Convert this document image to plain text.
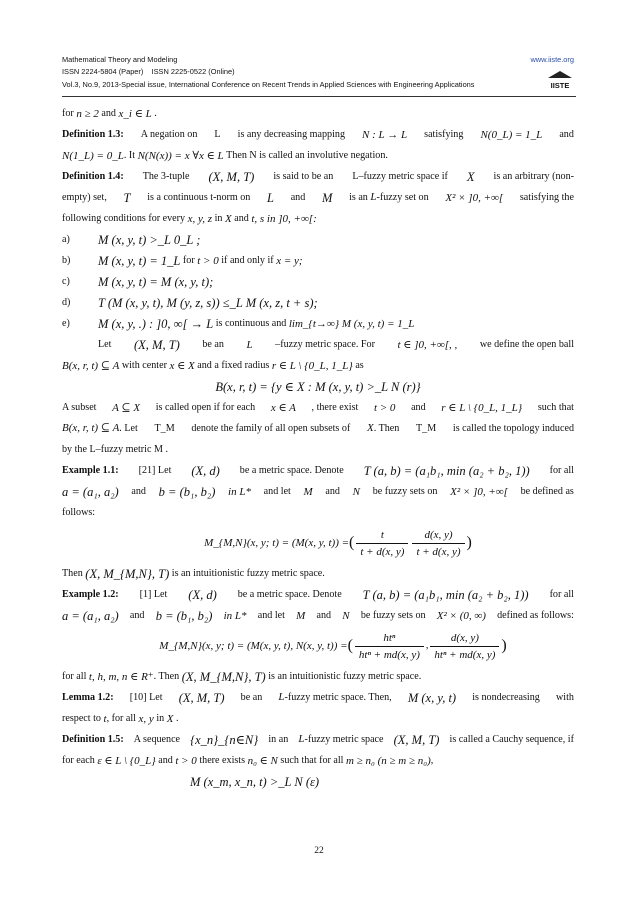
Mathematical Theory and Modeling	www.iiste.org
ISSN 2224-5804 (Paper)    ISSN 2225-0522 (Online)
Vol.3, No.9, 2013-Special issue, International Conference on Recent Trends in Applied Sciences with Engineering Applications	IISTE
for
n ≥ 2
and
x_i ∈ L .
Definition 1.3: A negation on L is any decreasing mapping N : L → L satisfying N(0_L) = 1_L and
N(1_L) = 0_L . It
N(N(x)) = x ∀x ∈ L
Then N is called an involutive negation.
Definition 1.4: The 3-tuple (X, M, T) is said to be an L–fuzzy metric space if X is an arbitrary (non-
empty) set, T is a continuous t-norm on L and M is an L-fuzzy set on X² × ]0, +∞[ satisfying the
following conditions for every
x, y, z
in
X
and
t, s in ]0, +∞[:
a)	M (x, y, t) >_L 0_L ;
b)	M (x, y, t) = 1_L
for
t > 0
if and only if
x = y;
c)	M (x, y, t) = M (x, y, t);
d)	T (M (x, y, t), M (y, z, s)) ≤_L M (x, z, t + s);
e)	M (x, y, .) : ]0, ∞[ → L
is continuous and
lim_{t→∞} M (x, y, t) = 1_L
Let (X, M, T) be an L –fuzzy metric space. For t ∈ ]0, +∞[, , we define the open ball
B(x, r, t) ⊆ A
with center
x ∈ X
and a fixed radius
r ∈ L \ {0_L, 1_L}
as
B(x, r, t) = {y ∈ X : M (x, y, t) >_L N (r)}
A subset A ⊆ X is called open if for each x ∈ A , there exist t > 0 and r ∈ L \ {0_L, 1_L} such that
B(x, r, t) ⊆ A. Let T_M denote the family of all open subsets of X. Then T_M is called the topology induced
by the
L –fuzzy metric
M
.
Example 1.1: [21] Let (X, d) be a metric space. Denote T (a, b) = (a₁b₁, min (a₂ + b₂, 1)) for all
a = (a₁, a₂) and b = (b₁, b₂) in L* and let M and N be fuzzy sets on X² × ]0, +∞[ be defined as
follows:
M_{M,N}(x, y; t) = (M(x, y, t)) = ( $\frac{t}{t + d(x, y)} \frac{d(x, y)}{t + d(x, y)}$ )
Then
(X, M_{M,N}, T)
is an intuitionistic fuzzy metric space.
Example 1.2: [1] Let (X, d) be a metric space. Denote T (a, b) = (a₁b₁, min (a₂ + b₂, 1)) for all
a = (a₁, a₂) and b = (b₁, b₂) in L* and let M and N be fuzzy sets on X² × (0, ∞) defined as follows:
M_{M,N}(x, y; t) = (M(x, y, t), N(x, y, t)) = ( $\frac{\text{htⁿ}}{\text{htⁿ + md(x, y)}}$ , $\frac{d(x, y)}{\text{htⁿ + md(x, y)}}$ )
for all
t, h, m, n ∈ R⁺ . Then
(X, M_{M,N}, T)
is an intuitionistic fuzzy metric space.
Lemma 1.2: [10] Let (X, M, T) be an L-fuzzy metric space. Then, M (x, y, t) is nondecreasing with
respect to
t , for all
x, y
in
X
.
Definition 1.5: A sequence {x_n}_{n∈N} in an L-fuzzy metric space (X, M, T) is called a Cauchy sequence, if
for each
ε ∈ L \ {0_L}
and
t > 0
there exists
n₀ ∈ N
such that for all
m ≥ n₀ (n ≥ m ≥ n₀) ,
M (x_m, x_n, t) >_L N (ε)
22
